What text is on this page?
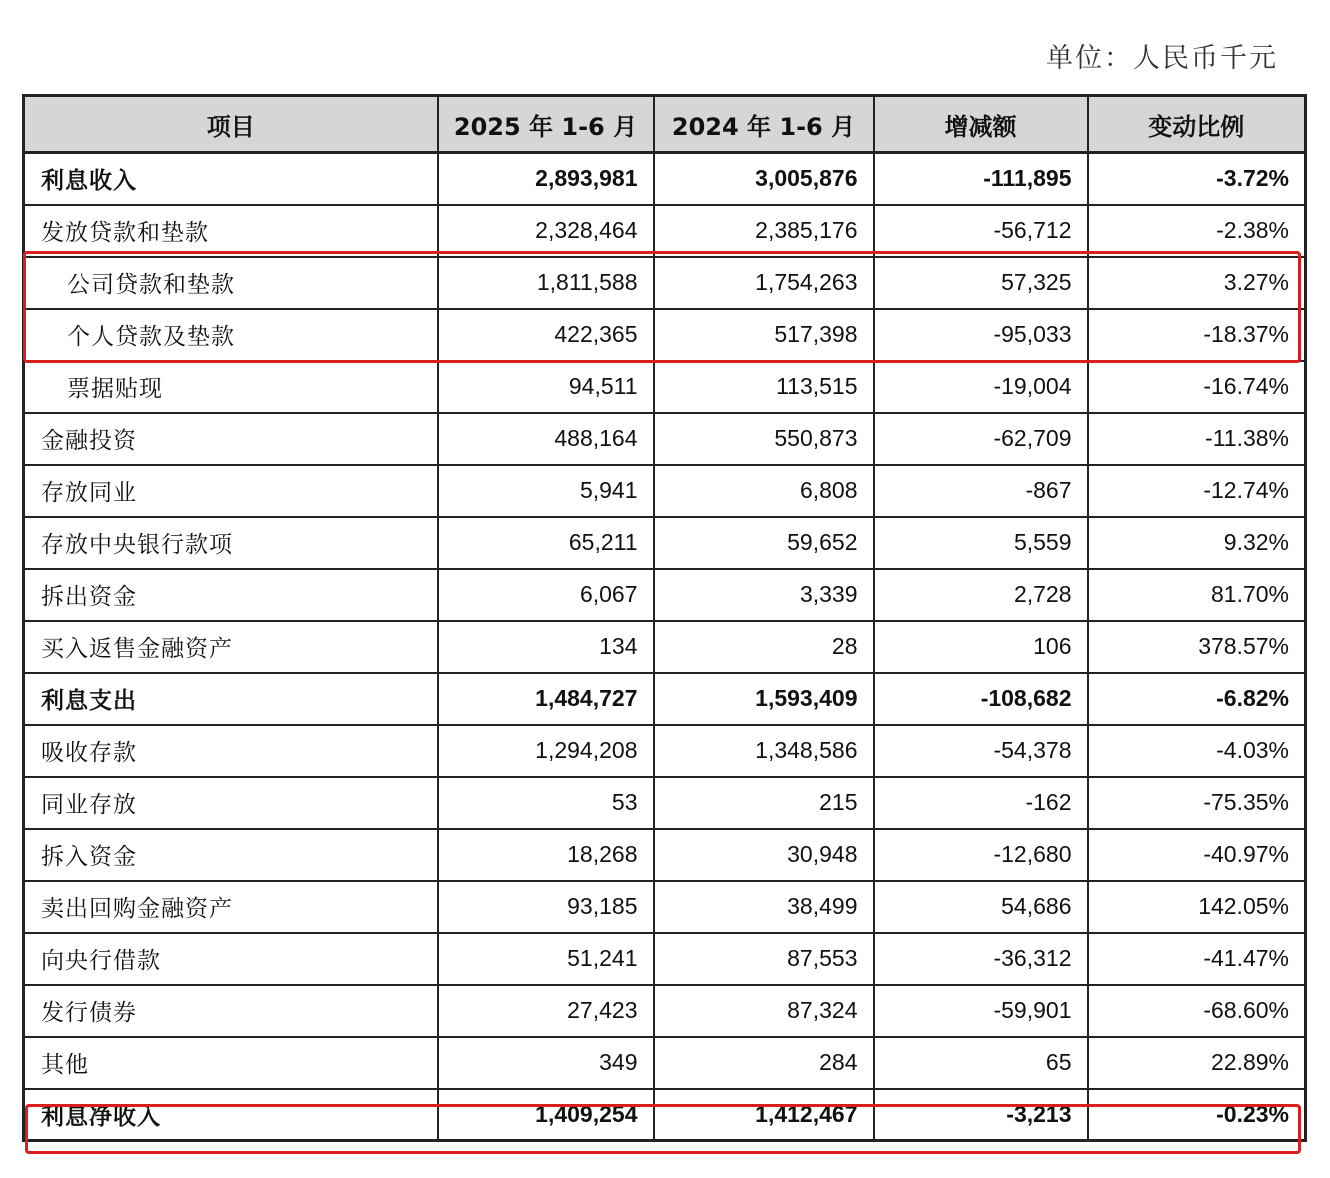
单位：人民币千元
项目	2025 年 1-6 月	2024 年 1-6 月	增减额	变动比例
利息收入	2,893,981	3,005,876	-111,895	-3.72%
发放贷款和垫款	2,328,464	2,385,176	-56,712	-2.38%
公司贷款和垫款	1,811,588	1,754,263	57,325	3.27%
个人贷款及垫款	422,365	517,398	-95,033	-18.37%
票据贴现	94,511	113,515	-19,004	-16.74%
金融投资	488,164	550,873	-62,709	-11.38%
存放同业	5,941	6,808	-867	-12.74%
存放中央银行款项	65,211	59,652	5,559	9.32%
拆出资金	6,067	3,339	2,728	81.70%
买入返售金融资产	134	28	106	378.57%
利息支出	1,484,727	1,593,409	-108,682	-6.82%
吸收存款	1,294,208	1,348,586	-54,378	-4.03%
同业存放	53	215	-162	-75.35%
拆入资金	18,268	30,948	-12,680	-40.97%
卖出回购金融资产	93,185	38,499	54,686	142.05%
向央行借款	51,241	87,553	-36,312	-41.47%
发行债券	27,423	87,324	-59,901	-68.60%
其他	349	284	65	22.89%
利息净收入	1,409,254	1,412,467	-3,213	-0.23%
